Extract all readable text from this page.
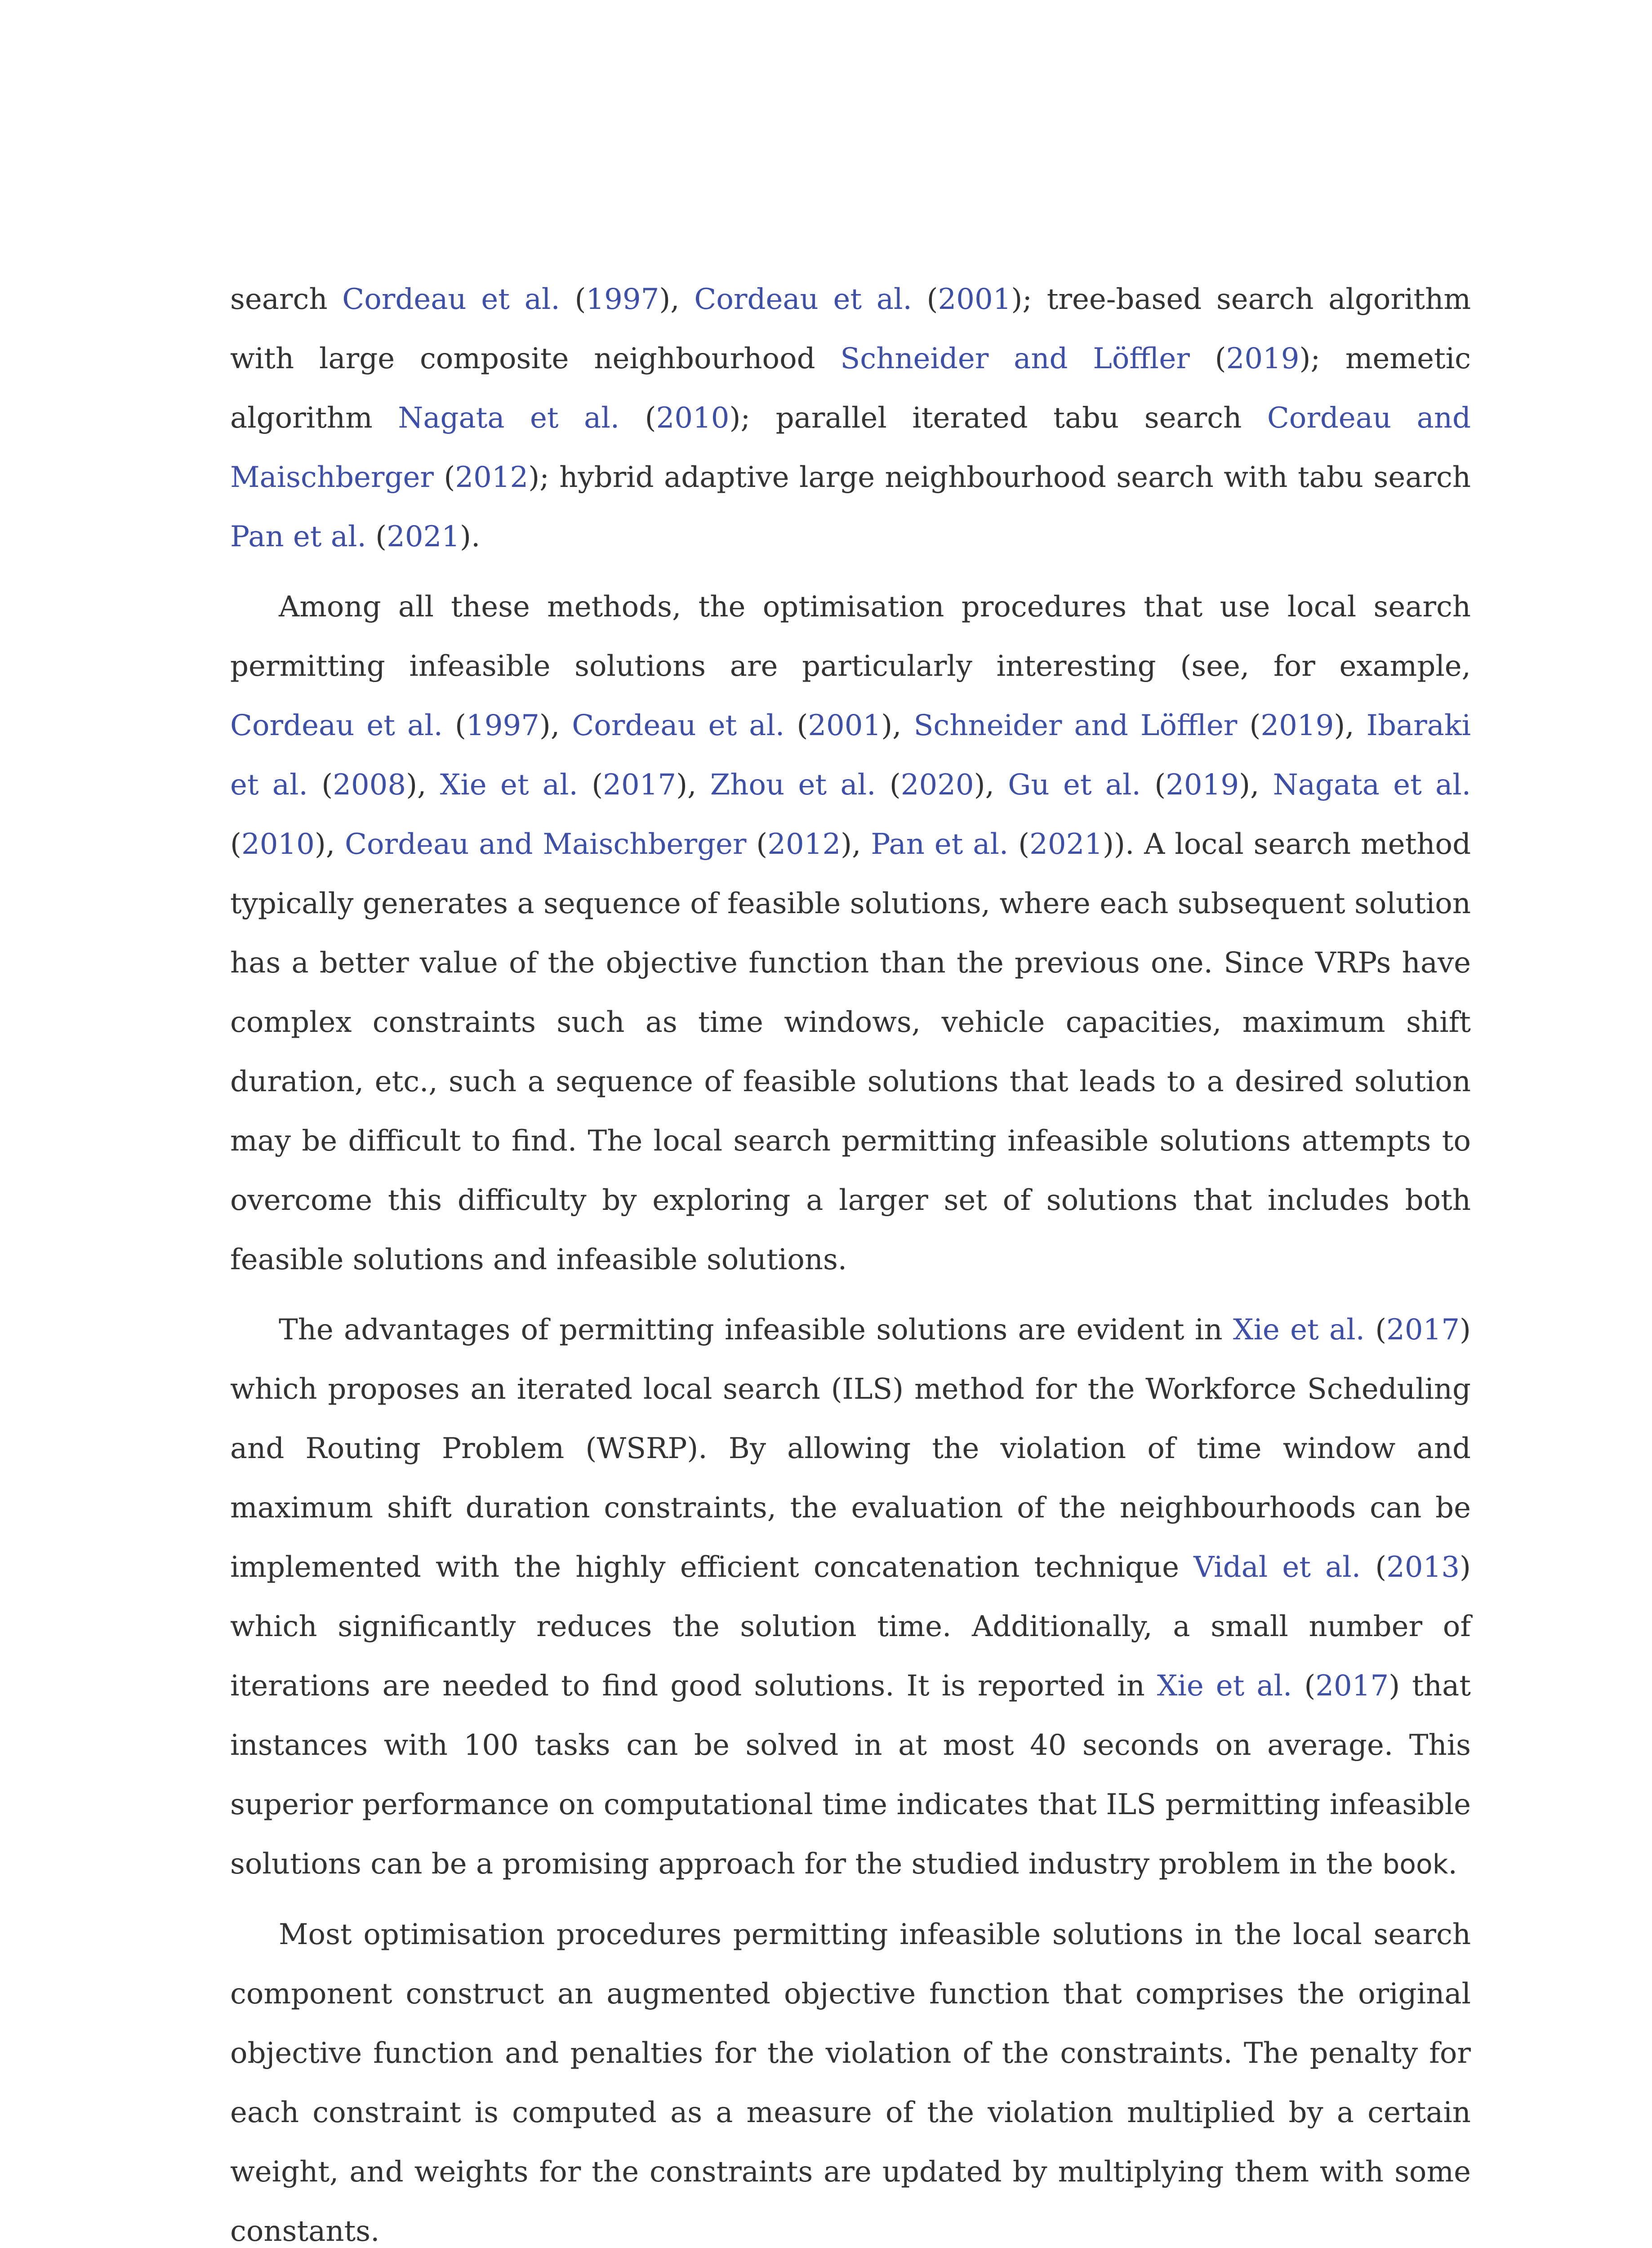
search Cordeau et al. (1997), Cordeau et al. (2001); tree-based search algorithm with large composite neighbourhood Schneider and Löffler (2019); memetic algorithm Nagata et al. (2010); parallel iterated tabu search Cordeau and Maischberger (2012); hybrid adaptive large neighbourhood search with tabu search Pan et al. (2021).

Among all these methods, the optimisation procedures that use local search permitting infeasible solutions are particularly interesting (see, for example, Cordeau et al. (1997), Cordeau et al. (2001), Schneider and Löffler (2019), Ibaraki et al. (2008), Xie et al. (2017), Zhou et al. (2020), Gu et al. (2019), Nagata et al. (2010), Cordeau and Maischberger (2012), Pan et al. (2021)). A local search method typically generates a sequence of feasible solutions, where each subsequent solution has a better value of the objective function than the previous one. Since VRPs have complex constraints such as time windows, vehicle capacities, maximum shift duration, etc., such a sequence of feasible solutions that leads to a desired solution may be difficult to find. The local search permitting infeasible solutions attempts to overcome this difficulty by exploring a larger set of solutions that includes both feasible solutions and infeasible solutions.

The advantages of permitting infeasible solutions are evident in Xie et al. (2017) which proposes an iterated local search (ILS) method for the Workforce Scheduling and Routing Problem (WSRP). By allowing the violation of time window and maximum shift duration constraints, the evaluation of the neighbourhoods can be implemented with the highly efficient concatenation technique Vidal et al. (2013) which significantly reduces the solution time. Additionally, a small number of iterations are needed to find good solutions. It is reported in Xie et al. (2017) that instances with 100 tasks can be solved in at most 40 seconds on average. This superior performance on computational time indicates that ILS permitting infeasible solutions can be a promising approach for the studied industry problem in the book.

Most optimisation procedures permitting infeasible solutions in the local search component construct an augmented objective function that comprises the original objective function and penalties for the violation of the constraints. The penalty for each constraint is computed as a measure of the violation multiplied by a certain weight, and weights for the constraints are updated by multiplying them with some constants.
